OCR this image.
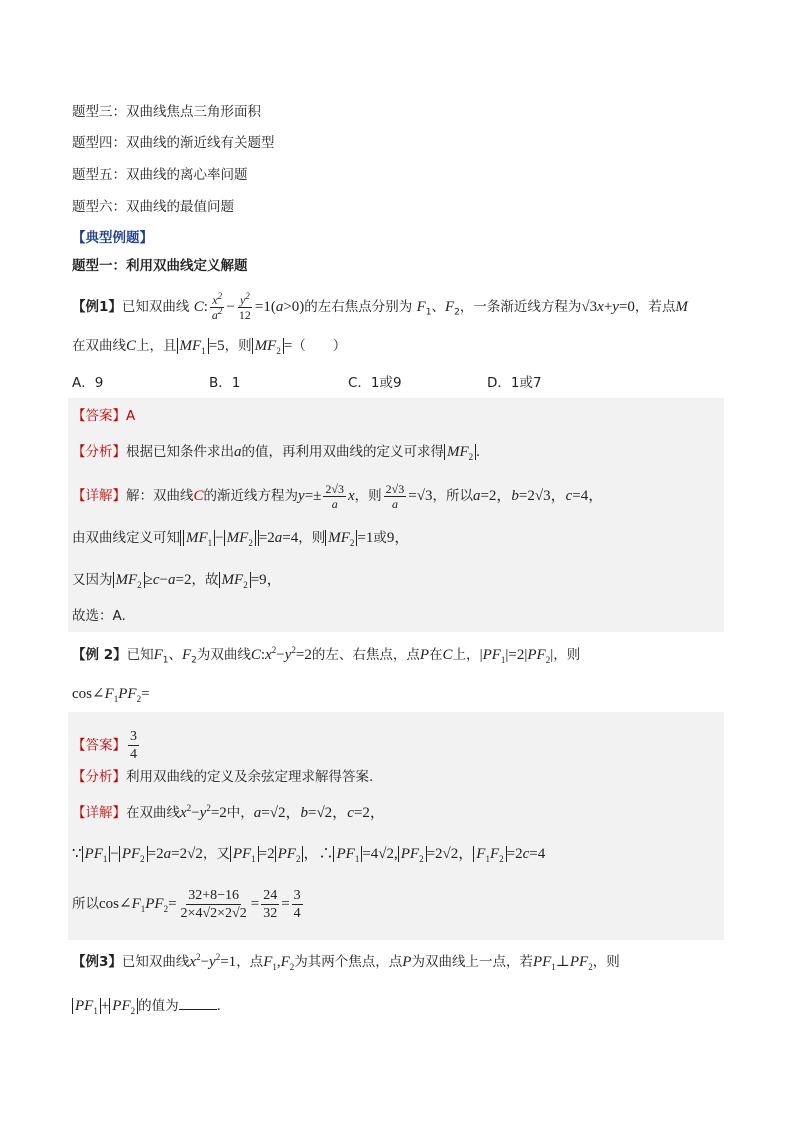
题型三：双曲线焦点三角形面积
题型四：双曲线的渐近线有关题型
题型五：双曲线的离心率问题
题型六：双曲线的最值问题
【典型例题】
题型一：利用双曲线定义解题
【例1】已知双曲线 C: $\frac{x^2}{a^2} - \frac{y^2}{12} =1(a>0)$的左右焦点分别为 $F_1$、$F_2$，一条渐近线方程为√3x+y=0，若点M
在双曲线C上，且 $MF_1 =5$，则 $MF_2$ =（　　）
A．9	B．1	C．1或9	D．1或7
【答案】A
【分析】根据已知条件求出a的值，再利用双曲线的定义可求得 $MF_2$ .
【详解】解：双曲线C的渐近线方程为$y=\pm \frac{2√3}{a}$ x，则 $\frac{2√3}{a} =√3$，所以a=2，b=2√3，c=4，
由双曲线定义可知 $MF_1 - MF_2 =2a=4$，则 $MF_2 =1$或9，
又因为 $MF_2 \ge c-a=2$，故 $MF_2 =9$，
故选：A.
【例 2】已知$F_1$、$F_2$为双曲线$C:x^2-y^2=2$的左、右焦点，点P在C上，$|PF_1|=2|PF_2|$，则
$\cos\angle F_1PF_2=$
【答案】 $\frac{3}{4}$
【分析】利用双曲线的定义及余弦定理求解得答案.
【详解】在双曲线$x^2-y^2=2$中，a=√2，b=√2，c=2，
∵ $PF_1 - PF_2 =2a=2√2$，又 $PF_1 =2$ $PF_2$ ，∴ $PF_1 =4√2$, $PF_2 =2√2$， $F_1F_2 =2c=4$
所以$\cos\angle F_1PF_2= \frac{32+8-16}{2\times 4√2\times 2√2} = \frac{24}{32} = \frac{3}{4}$
【例3】已知双曲线$x^2-y^2=1$，点$F_1,F_2$为其两个焦点，点P为双曲线上一点，若$PF_1\perp PF_2$，则
$PF_1 + PF_2$ 的值为	.
